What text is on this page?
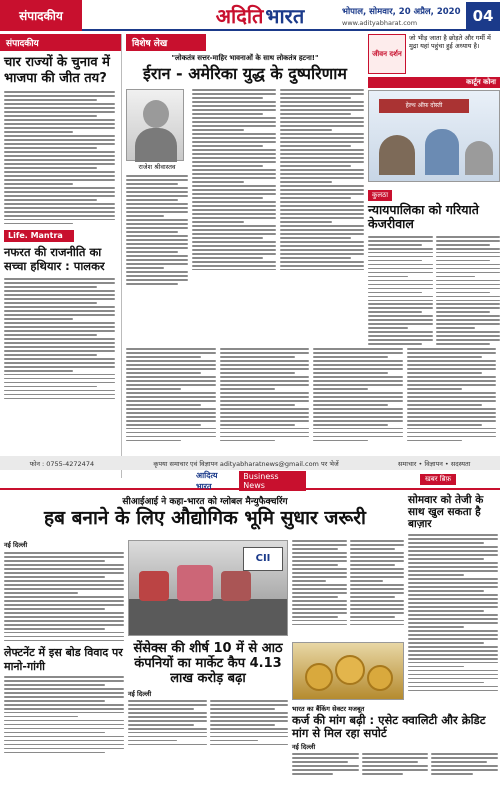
संपादकीय	अदिति भारत	भोपाल, सोमवार, 20 अप्रैल, 2020
www.adityabharat.com	04
संपादकीय
चार राज्यों के चुनाव में भाजपा की जीत तय?
Life. Mantra
नफरत की राजनीति का सच्चा हथियार : पालकर
विशेष लेख
"लोकतंत्र सत्तर-माहिर भावनाओं के साथ लोकतंत्र हटना!"
ईरान - अमेरिका युद्ध के दुष्परिणाम
राजेश श्रीवास्तव
जीवन दर्शन
जो भीड़ जाता है छोड़ते और गर्मी में मुद्रा यहां पहुंचा हुई अध्याय है।
कार्टून कोना
हेल्थ ऑफ़ दोस्ती
कुलठा
न्यायपालिका को गरियाते केजरीवाल
फोन : 0755-4272474	कृपया समाचार एवं विज्ञापन adityabharatnews@gmail.com पर भेजें	समाचार • विज्ञापन • सदस्यता
आदित्य भारत
Business News
खबर ब्रिफ़
सीआईआई ने कहा-भारत को ग्लोबल मैन्युफैक्चरिंग
हब बनाने के लिए औद्योगिक भूमि सुधार जरूरी
नई दिल्ली
लेफ्टनेंट में इस बोड विवाद पर मानो-गांगी
CII
सोमवार को तेजी के साथ खुल सकता है बाज़ार
सेंसेक्स की शीर्ष 10 में से आठ कंपनियों का मार्केट कैप 4.13 लाख करोड़ बढ़ा
नई दिल्ली
भारत का बैंकिंग सेक्टर मजबूत
कर्ज की मांग बढ़ी : एसेट क्वालिटी और क्रेडिट मांग से मिल रहा सपोर्ट
नई दिल्ली
